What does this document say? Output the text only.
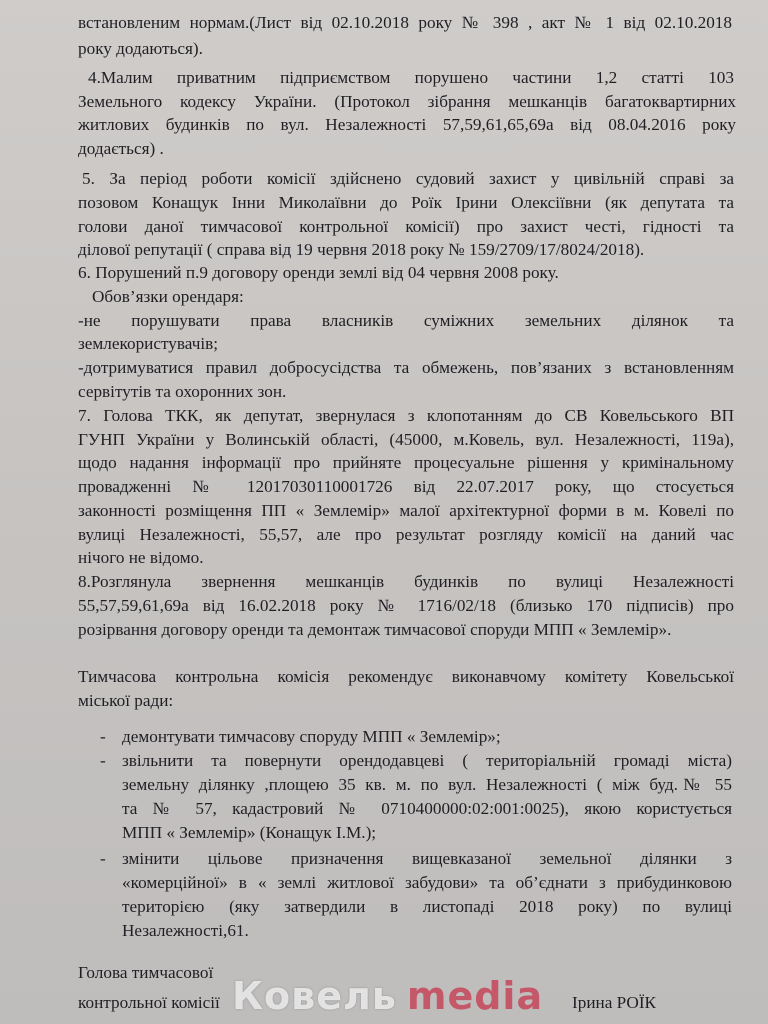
встановленим нормам.(Лист від 02.10.2018 року № 398 , акт № 1 від 02.10.2018
року додаються).
4.Малим приватним підприємством порушено частини 1,2 статті 103
Земельного кодексу України. (Протокол зібрання мешканців багатоквартирних
житлових будинків по вул. Незалежності 57,59,61,65,69а від 08.04.2016 року
додається) .
5. За період роботи комісії здійснено судовий захист у цивільній справі за
позовом Конащук Інни Миколаївни до Роїк Ірини Олексіївни (як депутата та
голови даної тимчасової контрольної комісії) про захист честі, гідності та
ділової репутації ( справа від 19 червня 2018 року № 159/2709/17/8024/2018).
6. Порушений п.9 договору оренди землі від 04 червня 2008 року.
Обов’язки орендаря:
-не порушувати права власників суміжних земельних ділянок та
землекористувачів;
-дотримуватися правил добросусідства та обмежень, пов’язаних з встановленням
сервітутів та охоронних зон.
7. Голова ТКК, як депутат, звернулася з клопотанням до СВ Ковельського ВП
ГУНП України у Волинській області, (45000, м.Ковель, вул. Незалежності, 119а),
щодо надання інформації про прийняте процесуальне рішення у кримінальному
провадженні № 12017030110001726 від 22.07.2017 року, що стосується
законності розміщення ПП « Землемір» малої архітектурної форми в м. Ковелі по
вулиці Незалежності, 55,57, але про результат розгляду комісії на даний час
нічого не відомо.
8.Розглянула звернення мешканців будинків по вулиці Незалежності
55,57,59,61,69а від 16.02.2018 року № 1716/02/18 (близько 170 підписів) про
розірвання договору оренди та демонтаж тимчасової споруди МПП « Землемір».
Тимчасова контрольна комісія рекомендує виконавчому комітету Ковельської
міської ради:
- демонтувати тимчасову споруду МПП « Землемір»;
- звільнити та повернути орендодавцеві ( територіальній громаді міста)
земельну ділянку ,площею 35 кв. м. по вул. Незалежності ( між буд.№ 55
та № 57, кадастровий № 0710400000:02:001:0025), якою користується
МПП « Землемір» (Конащук І.М.);
- змінити цільове призначення вищевказаної земельної ділянки з
«комерційної» в « землі житлової забудови» та об’єднати з прибудинковою
територією (яку затвердили в листопаді 2018 року) по вулиці
Незалежності,61.
Голова тимчасової
контрольної комісії	Ірина РОЇК
Ковель media
